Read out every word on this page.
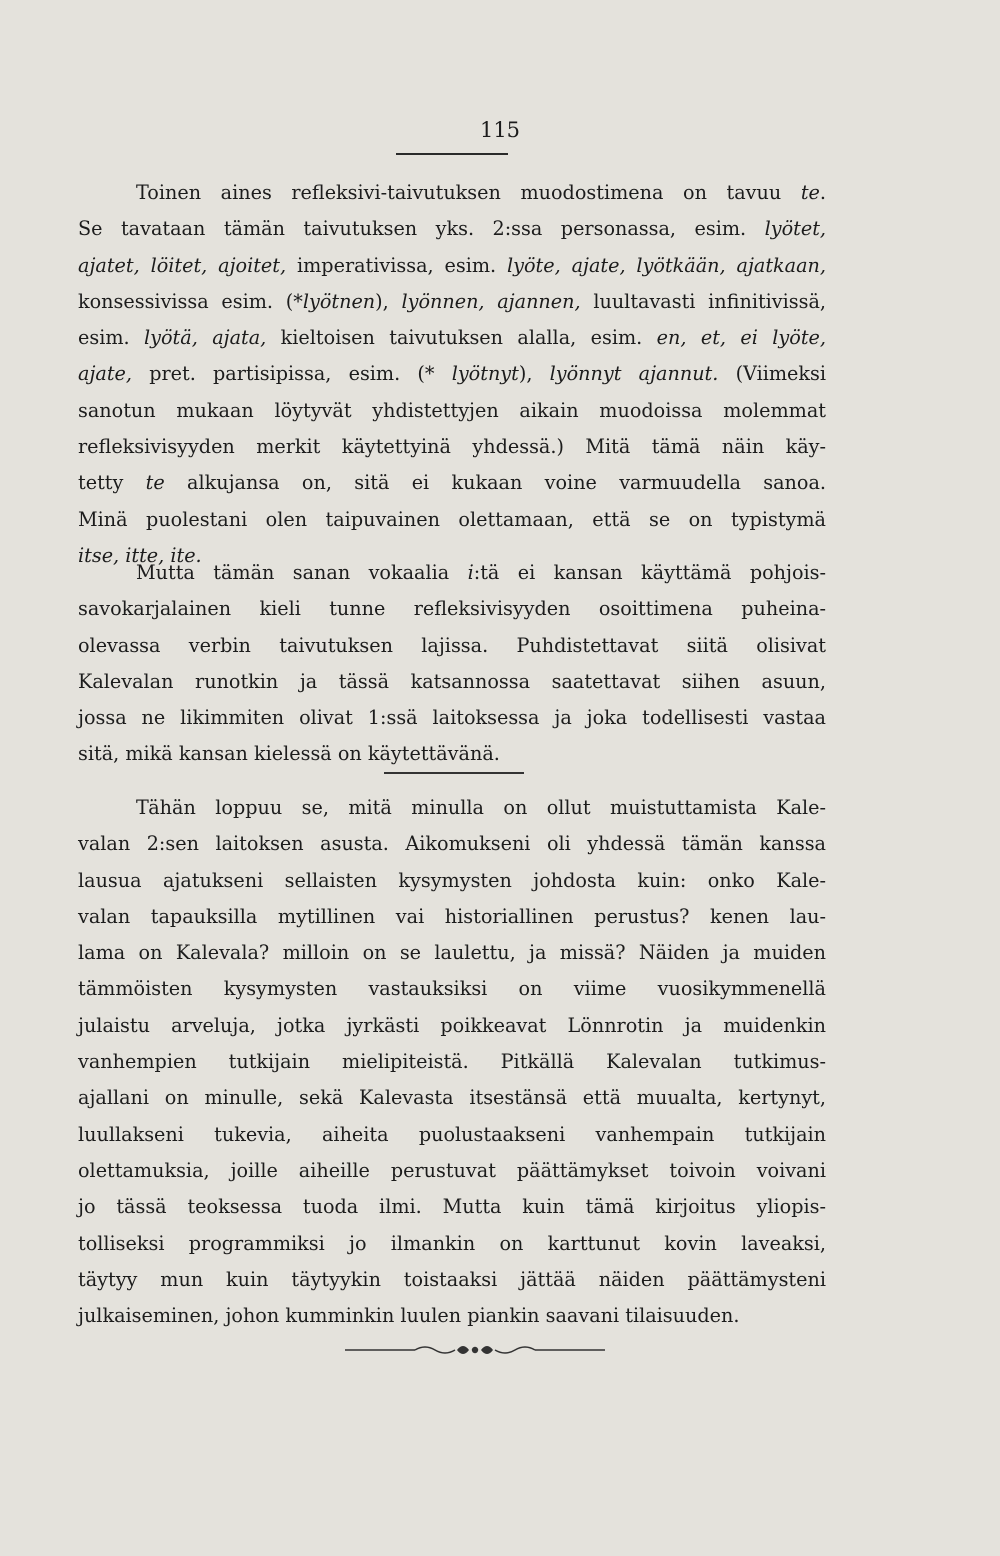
115
Toinen aines refleksivi-taivutuksen muodostimena on tavuu te.
Se tavataan tämän taivutuksen yks. 2:ssa personassa, esim. lyötet,
ajatet, löitet, ajoitet, imperativissa, esim. lyöte, ajate, lyötkään, ajatkaan,
konsessivissa esim. (*lyötnen), lyönnen, ajannen, luultavasti infinitivissä,
esim. lyötä, ajata, kieltoisen taivutuksen alalla, esim. en, et, ei lyöte,
ajate, pret. partisipissa, esim. (* lyötnyt), lyönnyt ajannut. (Viimeksi
sanotun mukaan löytyvät yhdistettyjen aikain muodoissa molemmat
refleksivisyyden merkit käytettyinä yhdessä.) Mitä tämä näin käy-
tetty te alkujansa on, sitä ei kukaan voine varmuudella sanoa.
Minä puolestani olen taipuvainen olettamaan, että se on typistymä
itse, itte, ite.
Mutta tämän sanan vokaalia i:tä ei kansan käyttämä pohjois-
savokarjalainen kieli tunne refleksivisyyden osoittimena puheina-
olevassa verbin taivutuksen lajissa. Puhdistettavat siitä olisivat
Kalevalan runotkin ja tässä katsannossa saatettavat siihen asuun,
jossa ne likimmiten olivat 1:ssä laitoksessa ja joka todellisesti vastaa
sitä, mikä kansan kielessä on käytettävänä.
Tähän loppuu se, mitä minulla on ollut muistuttamista Kale-
valan 2:sen laitoksen asusta. Aikomukseni oli yhdessä tämän kanssa
lausua ajatukseni sellaisten kysymysten johdosta kuin: onko Kale-
valan tapauksilla mytillinen vai historiallinen perustus? kenen lau-
lama on Kalevala? milloin on se laulettu, ja missä? Näiden ja muiden
tämmöisten kysymysten vastauksiksi on viime vuosikymmenellä
julaistu arveluja, jotka jyrkästi poikkeavat Lönnrotin ja muidenkin
vanhempien tutkijain mielipiteistä. Pitkällä Kalevalan tutkimus-
ajallani on minulle, sekä Kalevasta itsestänsä että muualta, kertynyt,
luullakseni tukevia, aiheita puolustaakseni vanhempain tutkijain
olettamuksia, joille aiheille perustuvat päättämykset toivoin voivani
jo tässä teoksessa tuoda ilmi. Mutta kuin tämä kirjoitus yliopis-
tolliseksi programmiksi jo ilmankin on karttunut kovin laveaksi,
täytyy mun kuin täytyykin toistaaksi jättää näiden päättämysteni
julkaiseminen, johon kumminkin luulen piankin saavani tilaisuuden.
